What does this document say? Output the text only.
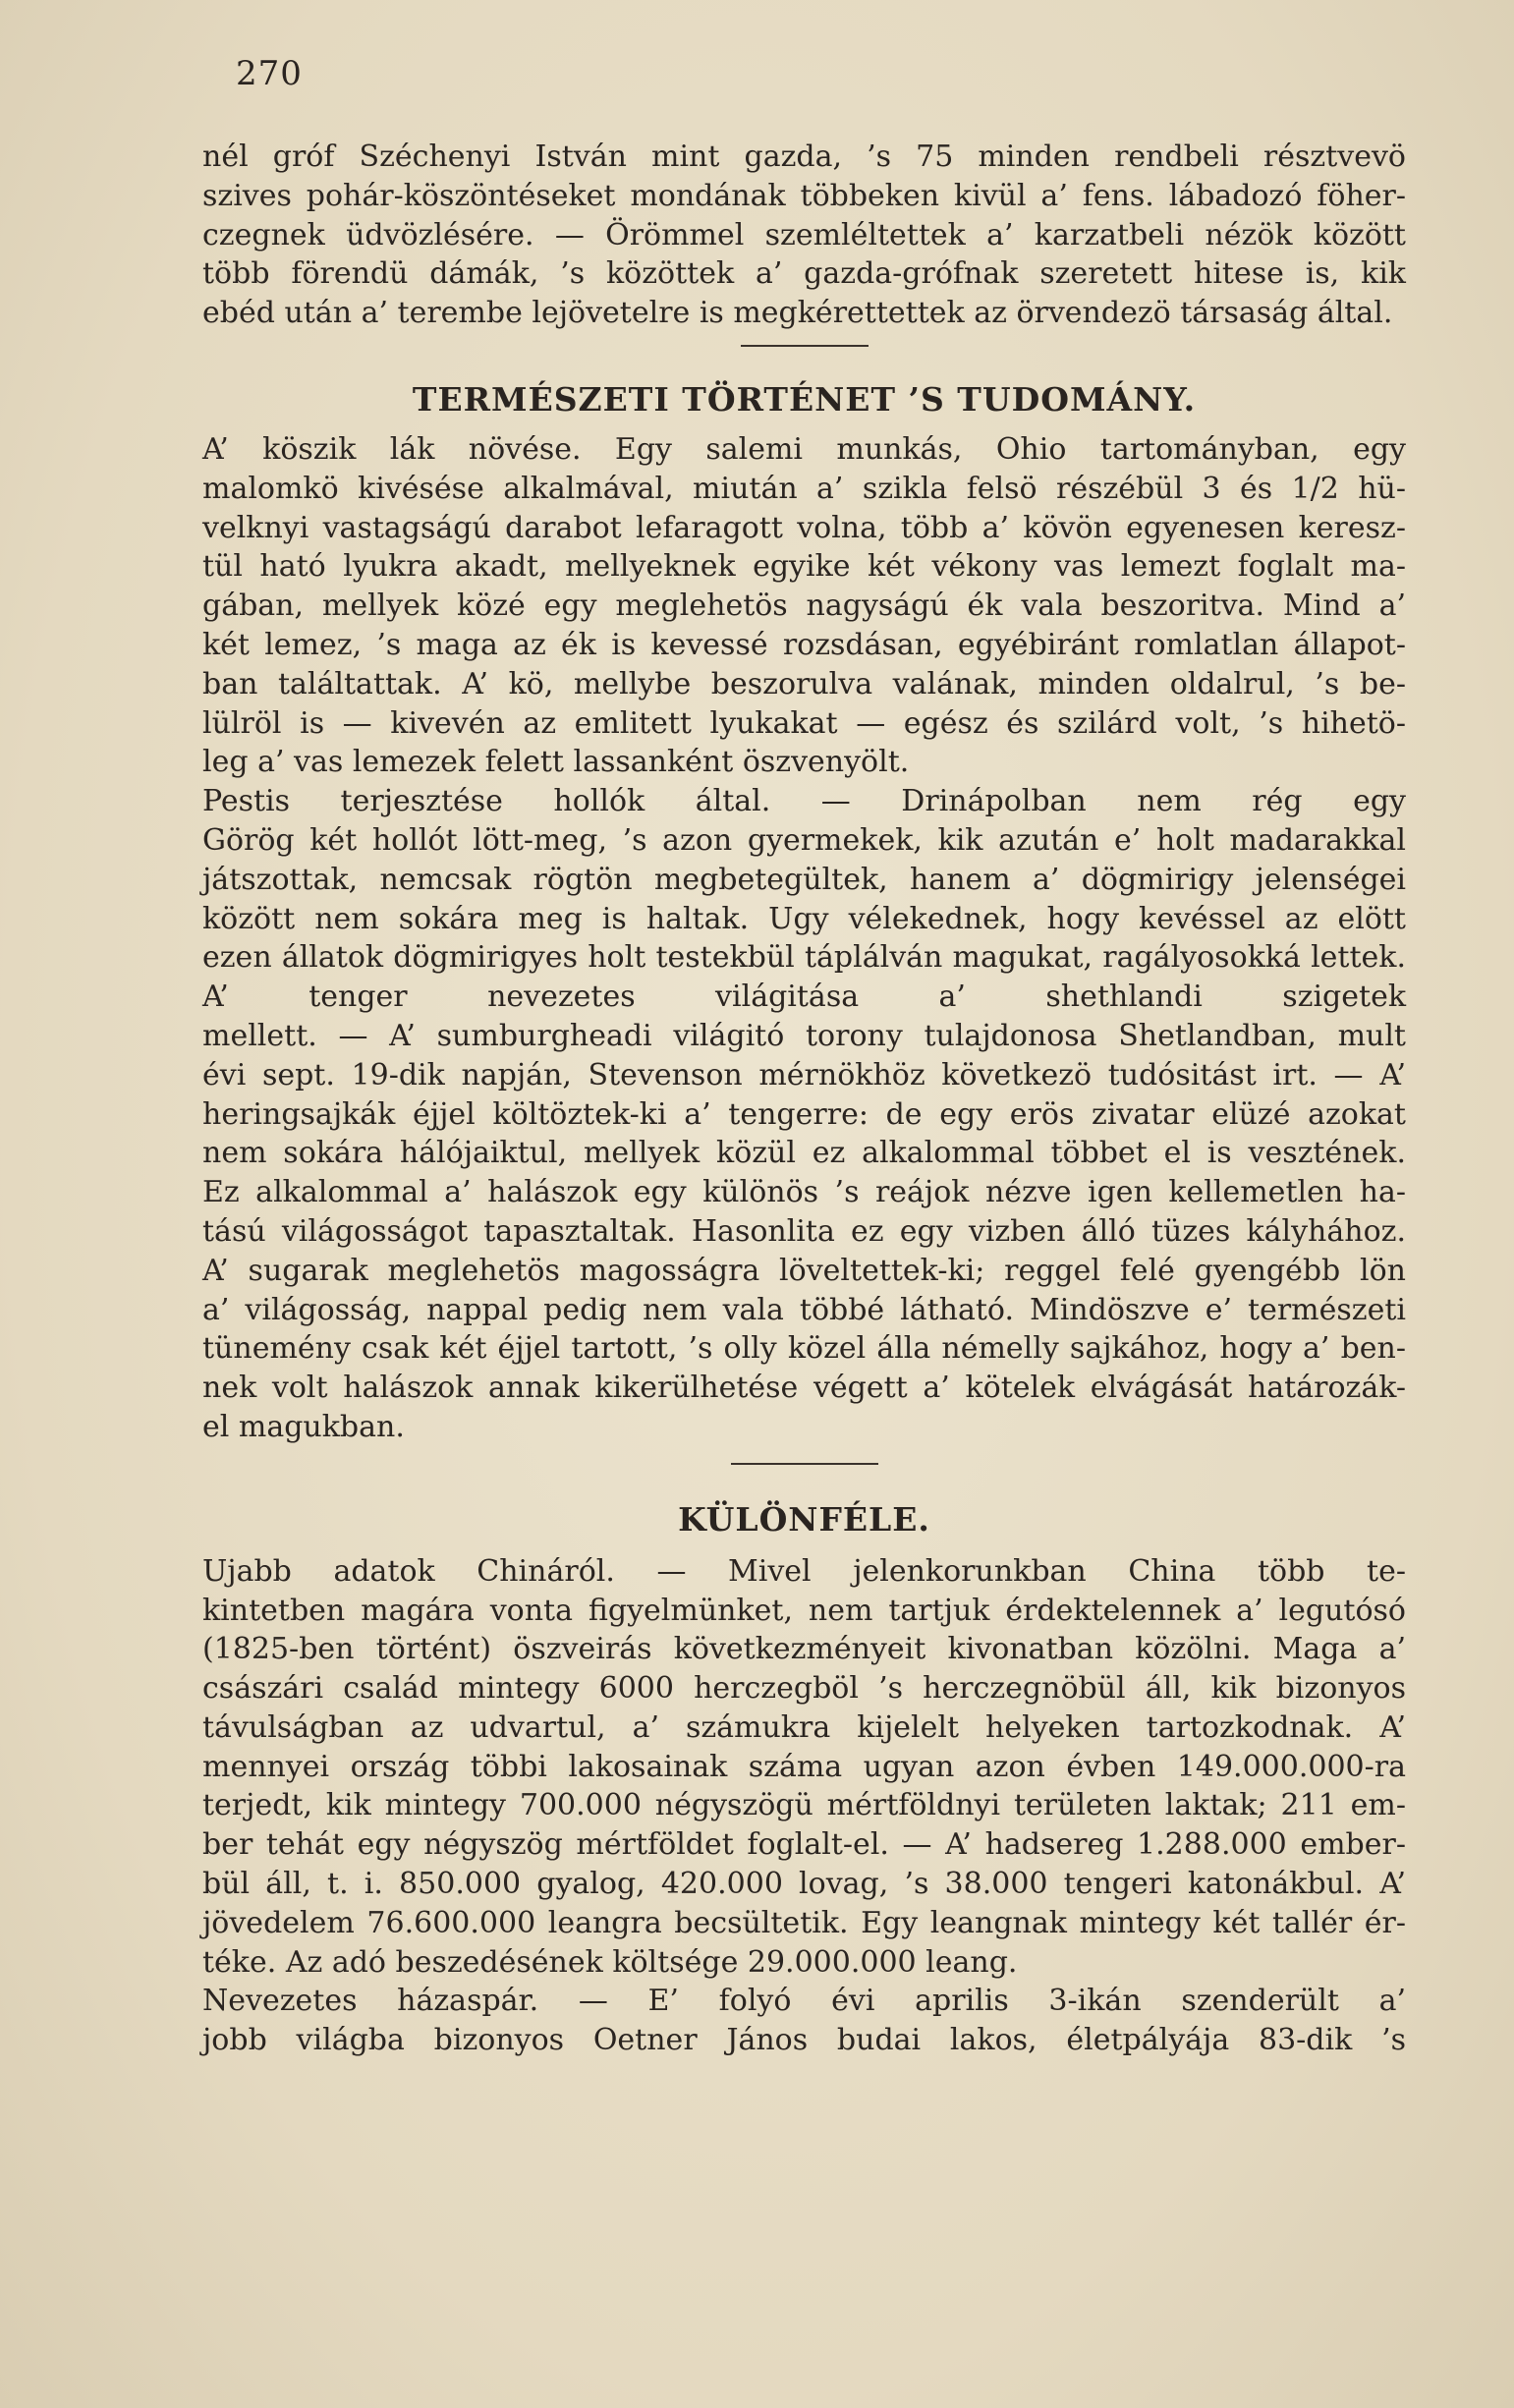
270

nél gróf Széchenyi István mint gazda, ’s 75 minden rendbeli résztvevö

szives pohár-köszöntéseket mondának többeken kivül a’ fens. lábadozó föher-

czegnek üdvözlésére. — Örömmel szemléltettek a’ karzatbeli nézök között

több förendü dámák, ’s közöttek a’ gazda-grófnak szeretett hitese is, kik

ebéd után a’ terembe lejövetelre is megkérettettek az örvendezö társaság által.

TERMÉSZETI TÖRTÉNET ’S TUDOMÁNY.

A’ köszik lák növése. Egy salemi munkás, Ohio tartományban, egy

malomkö kivésése alkalmával, miután a’ szikla felsö részébül 3 és 1/2 hü-

velknyi vastagságú darabot lefaragott volna, több a’ kövön egyenesen keresz-

tül ható lyukra akadt, mellyeknek egyike két vékony vas lemezt foglalt ma-

gában, mellyek közé egy meglehetös nagyságú ék vala beszoritva. Mind a’

két lemez, ’s maga az ék is kevessé rozsdásan, egyébiránt romlatlan állapot-

ban találtattak. A’ kö, mellybe beszorulva valának, minden oldalrul, ’s be-

lülröl is — kivevén az emlitett lyukakat — egész és szilárd volt, ’s hihetö-

leg a’ vas lemezek felett lassanként öszvenyölt.

Pestis terjesztése hollók által. — Drinápolban nem rég egy

Görög két hollót lött-meg, ’s azon gyermekek, kik azután e’ holt madarakkal

játszottak, nemcsak rögtön megbetegültek, hanem a’ dögmirigy jelenségei

között nem sokára meg is haltak. Ugy vélekednek, hogy kevéssel az elött

ezen állatok dögmirigyes holt testekbül táplálván magukat, ragályosokká lettek.

A’ tenger nevezetes világitása a’ shethlandi szigetek

mellett. — A’ sumburgheadi világitó torony tulajdonosa Shetlandban, mult

évi sept. 19-dik napján, Stevenson mérnökhöz következö tudósitást irt. — A’

heringsajkák éjjel költöztek-ki a’ tengerre: de egy erös zivatar elüzé azokat

nem sokára hálójaiktul, mellyek közül ez alkalommal többet el is vesztének.

Ez alkalommal a’ halászok egy különös ’s reájok nézve igen kellemetlen ha-

tású világosságot tapasztaltak. Hasonlita ez egy vizben álló tüzes kályhához.

A’ sugarak meglehetös magosságra löveltettek-ki; reggel felé gyengébb lön

a’ világosság, nappal pedig nem vala többé látható. Mindöszve e’ természeti

tünemény csak két éjjel tartott, ’s olly közel álla némelly sajkához, hogy a’ ben-

nek volt halászok annak kikerülhetése végett a’ kötelek elvágását határozák-

el magukban.

KÜLÖNFÉLE.

Ujabb adatok Chináról. — Mivel jelenkorunkban China több te-

kintetben magára vonta figyelmünket, nem tartjuk érdektelennek a’ legutósó

(1825-ben történt) öszveirás következményeit kivonatban közölni. Maga a’

császári család mintegy 6000 herczegböl ’s herczegnöbül áll, kik bizonyos

távulságban az udvartul, a’ számukra kijelelt helyeken tartozkodnak. A’

mennyei ország többi lakosainak száma ugyan azon évben 149.000.000-ra

terjedt, kik mintegy 700.000 négyszögü mértföldnyi területen laktak; 211 em-

ber tehát egy négyszög mértföldet foglalt-el. — A’ hadsereg 1.288.000 ember-

bül áll, t. i. 850.000 gyalog, 420.000 lovag, ’s 38.000 tengeri katonákbul. A’

jövedelem 76.600.000 leangra becsültetik. Egy leangnak mintegy két tallér ér-

téke. Az adó beszedésének költsége 29.000.000 leang.

Nevezetes házaspár. — E’ folyó évi aprilis 3-ikán szenderült a’

jobb világba bizonyos Oetner János budai lakos, életpályája 83-dik ’s
